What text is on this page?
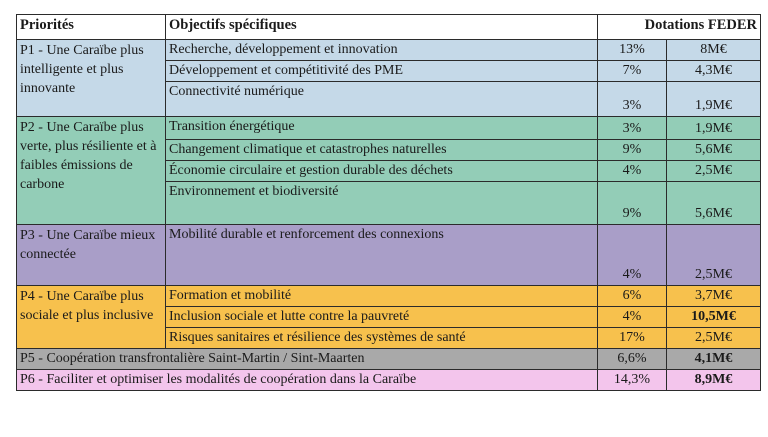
Priorités	Objectifs spécifiques	Dotations FEDER	
P1 - Une Caraïbe plus intelligente et plus innovante	Recherche, développement et innovation	13%	8M€
	Développement et compétitivité des PME	7%	4,3M€
	Connectivité numérique	3%	1,9M€
P2 - Une Caraïbe plus verte, plus résiliente et à faibles émissions de carbone	Transition énergétique	3%	1,9M€
	Changement climatique et catastrophes naturelles	9%	5,6M€
	Économie circulaire et gestion durable des déchets	4%	2,5M€
	Environnement et biodiversité	9%	5,6M€
P3 - Une Caraïbe mieux connectée	Mobilité durable et renforcement des connexions	4%	2,5M€
P4 - Une Caraïbe plus sociale et plus inclusive	Formation et mobilité	6%	3,7M€
	Inclusion sociale et lutte contre la pauvreté	4%	10,5M€
	Risques sanitaires et résilience des systèmes de santé	17%	2,5M€
P5 - Coopération transfrontalière Saint-Martin / Sint-Maarten		6,6%	4,1M€
P6 - Faciliter et optimiser les modalités de coopération dans la Caraïbe		14,3%	8,9M€
